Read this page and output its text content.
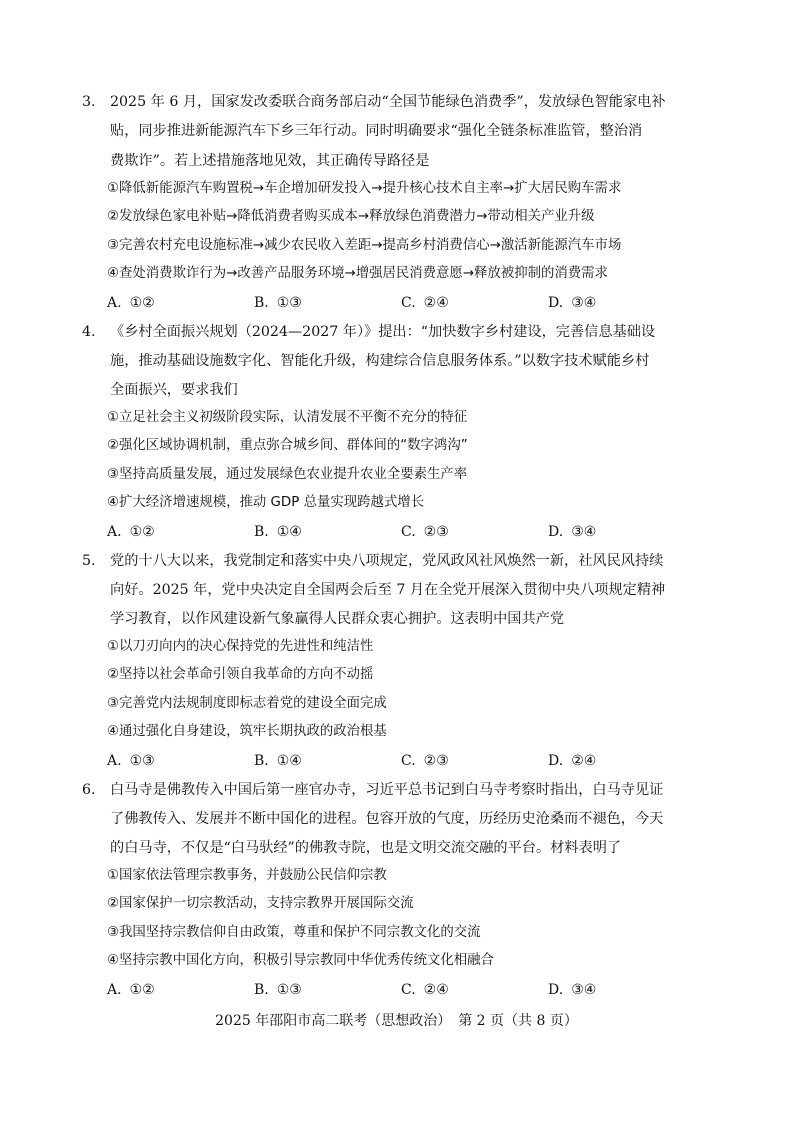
3. 2025 年 6 月，国家发改委联合商务部启动“全国节能绿色消费季”，发放绿色智能家电补
贴，同步推进新能源汽车下乡三年行动。同时明确要求“强化全链条标准监管，整治消
费欺诈”。若上述措施落地见效，其正确传导路径是
①降低新能源汽车购置税→车企增加研发投入→提升核心技术自主率→扩大居民购车需求
②发放绿色家电补贴→降低消费者购买成本→释放绿色消费潜力→带动相关产业升级
③完善农村充电设施标准→减少农民收入差距→提高乡村消费信心→激活新能源汽车市场
④查处消费欺诈行为→改善产品服务环境→增强居民消费意愿→释放被抑制的消费需求
A. ①②	B. ①③	C. ②④	D. ③④
4. 《乡村全面振兴规划（2024—2027 年）》提出：“加快数字乡村建设，完善信息基础设
施，推动基础设施数字化、智能化升级，构建综合信息服务体系。”以数字技术赋能乡村
全面振兴，要求我们
①立足社会主义初级阶段实际，认清发展不平衡不充分的特征
②强化区域协调机制，重点弥合城乡间、群体间的“数字鸿沟”
③坚持高质量发展，通过发展绿色农业提升农业全要素生产率
④扩大经济增速规模，推动 GDP 总量实现跨越式增长
A. ①②	B. ①④	C. ②③	D. ③④
5. 党的十八大以来，我党制定和落实中央八项规定，党风政风社风焕然一新，社风民风持续
向好。2025 年，党中央决定自全国两会后至 7 月在全党开展深入贯彻中央八项规定精神
学习教育，以作风建设新气象赢得人民群众衷心拥护。这表明中国共产党
①以刀刃向内的决心保持党的先进性和纯洁性
②坚持以社会革命引领自我革命的方向不动摇
③完善党内法规制度即标志着党的建设全面完成
④通过强化自身建设，筑牢长期执政的政治根基
A. ①③	B. ①④	C. ②③	D. ②④
6. 白马寺是佛教传入中国后第一座官办寺，习近平总书记到白马寺考察时指出，白马寺见证
了佛教传入、发展并不断中国化的进程。包容开放的气度，历经历史沧桑而不褪色，今天
的白马寺，不仅是“白马驮经”的佛教寺院，也是文明交流交融的平台。材料表明了
①国家依法管理宗教事务，并鼓励公民信仰宗教
②国家保护一切宗教活动，支持宗教界开展国际交流
③我国坚持宗教信仰自由政策，尊重和保护不同宗教文化的交流
④坚持宗教中国化方向，积极引导宗教同中华优秀传统文化相融合
A. ①②	B. ①③	C. ②④	D. ③④
2025 年邵阳市高二联考（思想政治）　第 2 页（共 8 页）
